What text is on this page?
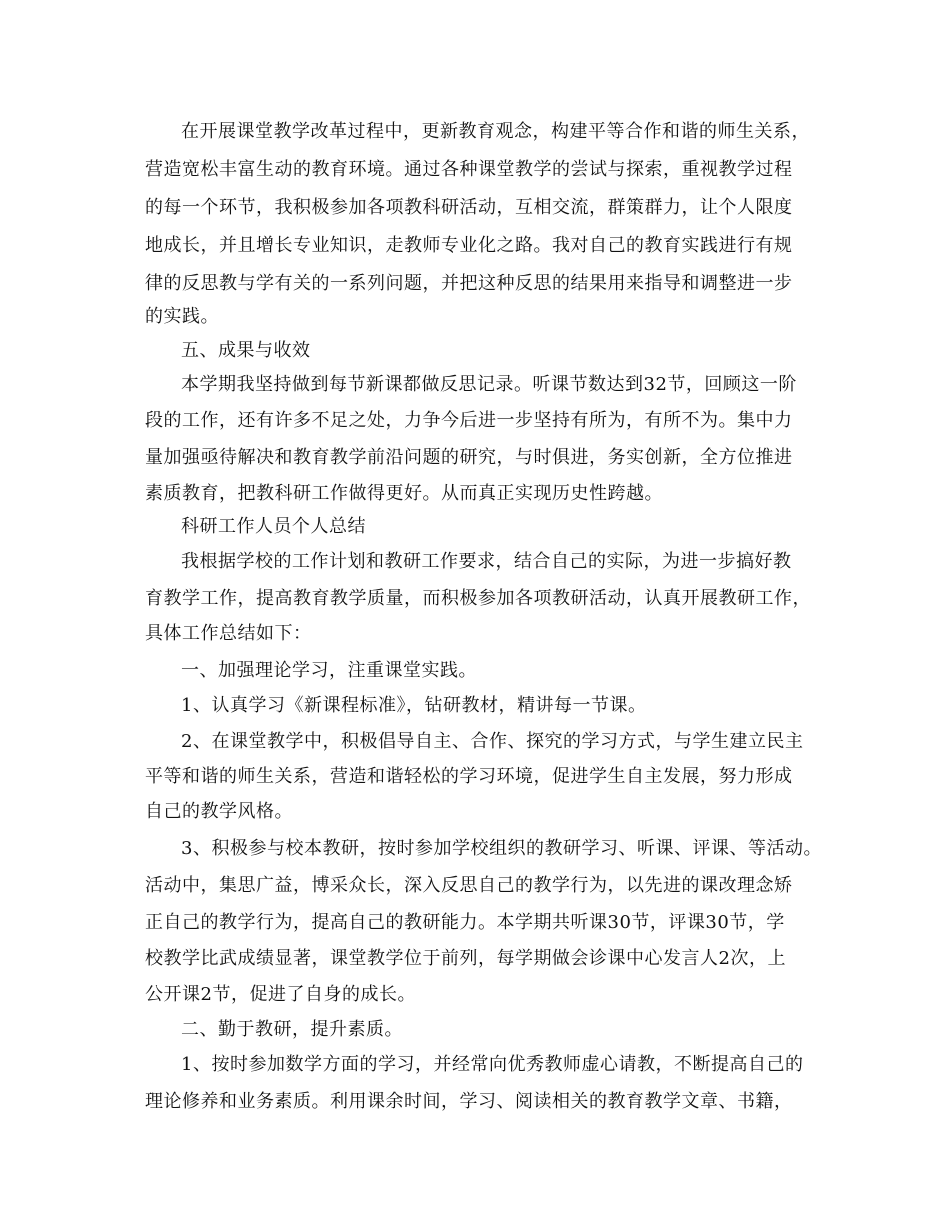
在开展课堂教学改革过程中，更新教育观念，构建平等合作和谐的师生关系，
营造宽松丰富生动的教育环境。通过各种课堂教学的尝试与探索，重视教学过程
的每一个环节，我积极参加各项教科研活动，互相交流，群策群力，让个人限度
地成长，并且增长专业知识，走教师专业化之路。我对自己的教育实践进行有规
律的反思教与学有关的一系列问题，并把这种反思的结果用来指导和调整进一步
的实践。
五、成果与收效
本学期我坚持做到每节新课都做反思记录。听课节数达到32节，回顾这一阶
段的工作，还有许多不足之处，力争今后进一步坚持有所为，有所不为。集中力
量加强亟待解决和教育教学前沿问题的研究，与时俱进，务实创新，全方位推进
素质教育，把教科研工作做得更好。从而真正实现历史性跨越。
科研工作人员个人总结
我根据学校的工作计划和教研工作要求，结合自己的实际，为进一步搞好教
育教学工作，提高教育教学质量，而积极参加各项教研活动，认真开展教研工作，
具体工作总结如下：
一、加强理论学习，注重课堂实践。
1、认真学习《新课程标准》，钻研教材，精讲每一节课。
2、在课堂教学中，积极倡导自主、合作、探究的学习方式，与学生建立民主
平等和谐的师生关系，营造和谐轻松的学习环境，促进学生自主发展，努力形成
自己的教学风格。
3、积极参与校本教研，按时参加学校组织的教研学习、听课、评课、等活动。
活动中，集思广益，博采众长，深入反思自己的教学行为，以先进的课改理念矫
正自己的教学行为，提高自己的教研能力。本学期共听课30节，评课30节，学
校教学比武成绩显著，课堂教学位于前列，每学期做会诊课中心发言人2次，上
公开课2节，促进了自身的成长。
二、勤于教研，提升素质。
1、按时参加数学方面的学习，并经常向优秀教师虚心请教，不断提高自己的
理论修养和业务素质。利用课余时间，学习、阅读相关的教育教学文章、书籍，
